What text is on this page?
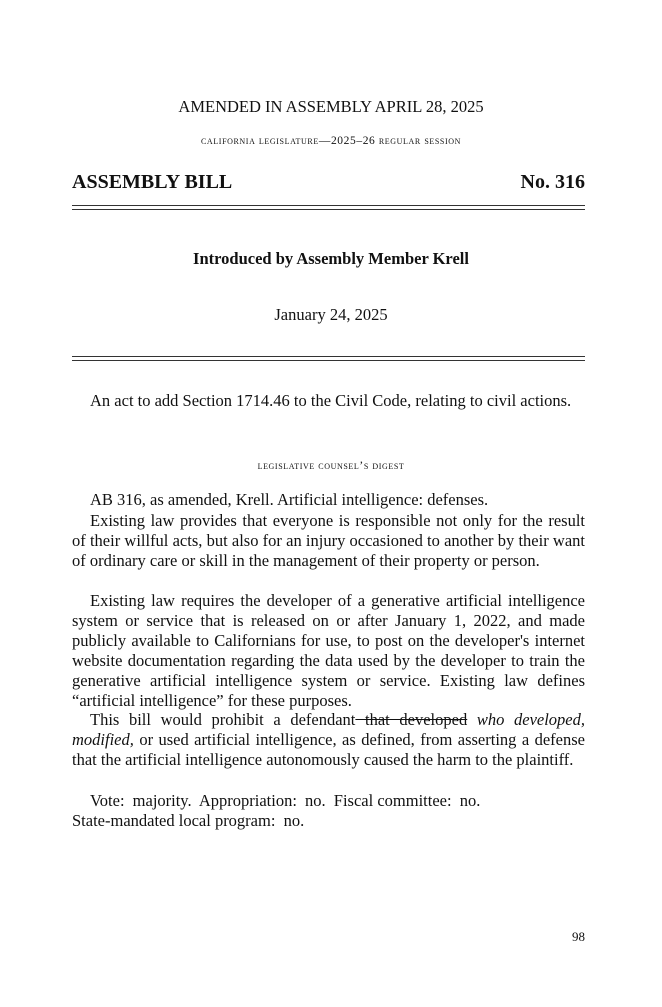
AMENDED IN ASSEMBLY APRIL 28, 2025
california legislature—2025–26 regular session
ASSEMBLY BILL	No. 316
Introduced by Assembly Member Krell
January 24, 2025
An act to add Section 1714.46 to the Civil Code, relating to civil actions.
legislative counsel’s digest
AB 316, as amended, Krell. Artificial intelligence: defenses.
Existing law provides that everyone is responsible not only for the result of their willful acts, but also for an injury occasioned to another by their want of ordinary care or skill in the management of their property or person.
Existing law requires the developer of a generative artificial intelligence system or service that is released on or after January 1, 2022, and made publicly available to Californians for use, to post on the developer's internet website documentation regarding the data used by the developer to train the generative artificial intelligence system or service. Existing law defines “artificial intelligence” for these purposes.
This bill would prohibit a defendant that developed who developed, modified, or used artificial intelligence, as defined, from asserting a defense that the artificial intelligence autonomously caused the harm to the plaintiff.
Vote: majority. Appropriation: no. Fiscal committee: no.
State-mandated local program: no.
98
